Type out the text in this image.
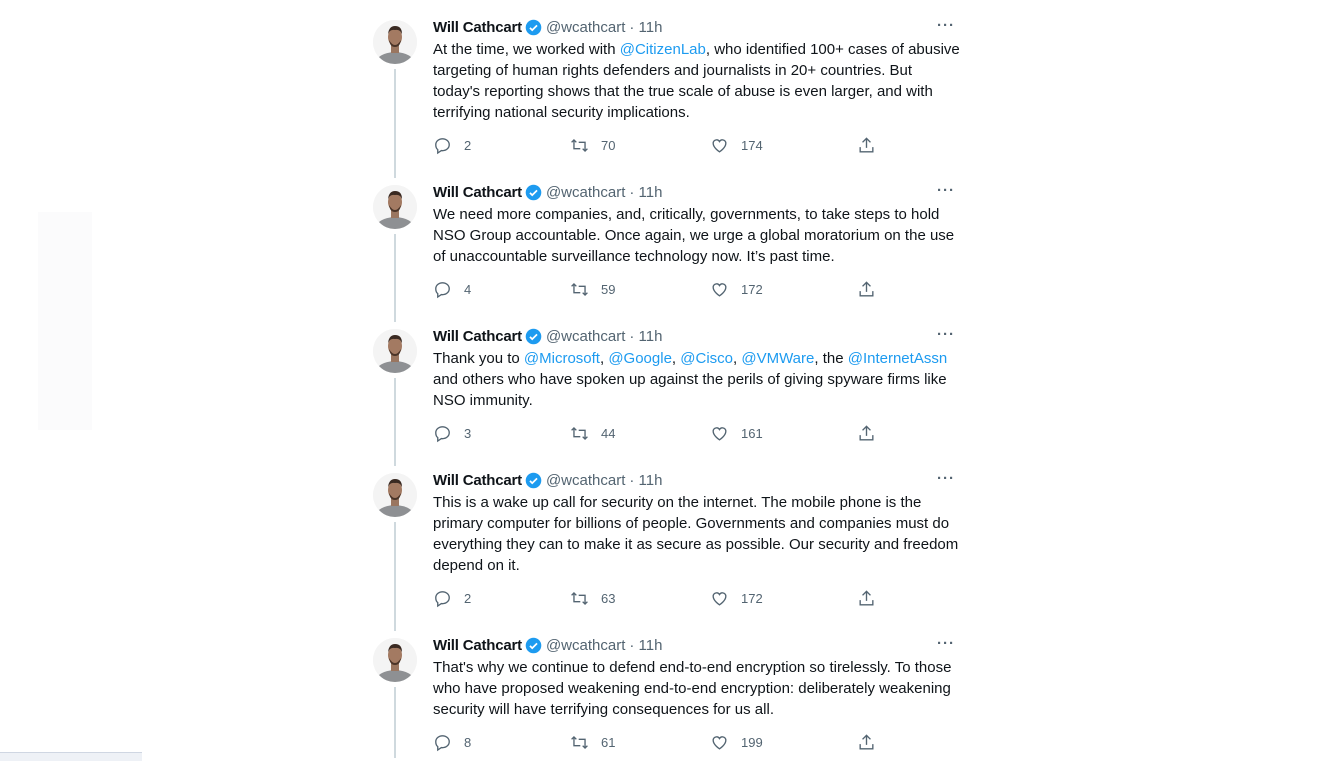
Will Cathcart @wcathcart · 11h	···
At the time, we worked with @CitizenLab, who identified 100+ cases of abusive targeting of human rights defenders and journalists in 20+ countries. But today's reporting shows that the true scale of abuse is even larger, and with terrifying national security implications.
2	70	174
Will Cathcart @wcathcart · 11h	···
We need more companies, and, critically, governments, to take steps to hold NSO Group accountable. Once again, we urge a global moratorium on the use of unaccountable surveillance technology now. It’s past time.
4	59	172
Will Cathcart @wcathcart · 11h	···
Thank you to @Microsoft, @Google, @Cisco, @VMWare, the @InternetAssn and others who have spoken up against the perils of giving spyware firms like NSO immunity.
3	44	161
Will Cathcart @wcathcart · 11h	···
This is a wake up call for security on the internet. The mobile phone is the primary computer for billions of people. Governments and companies must do everything they can to make it as secure as possible. Our security and freedom depend on it.
2	63	172
Will Cathcart @wcathcart · 11h	···
That's why we continue to defend end-to-end encryption so tirelessly. To those who have proposed weakening end-to-end encryption: deliberately weakening security will have terrifying consequences for us all.
8	61	199
